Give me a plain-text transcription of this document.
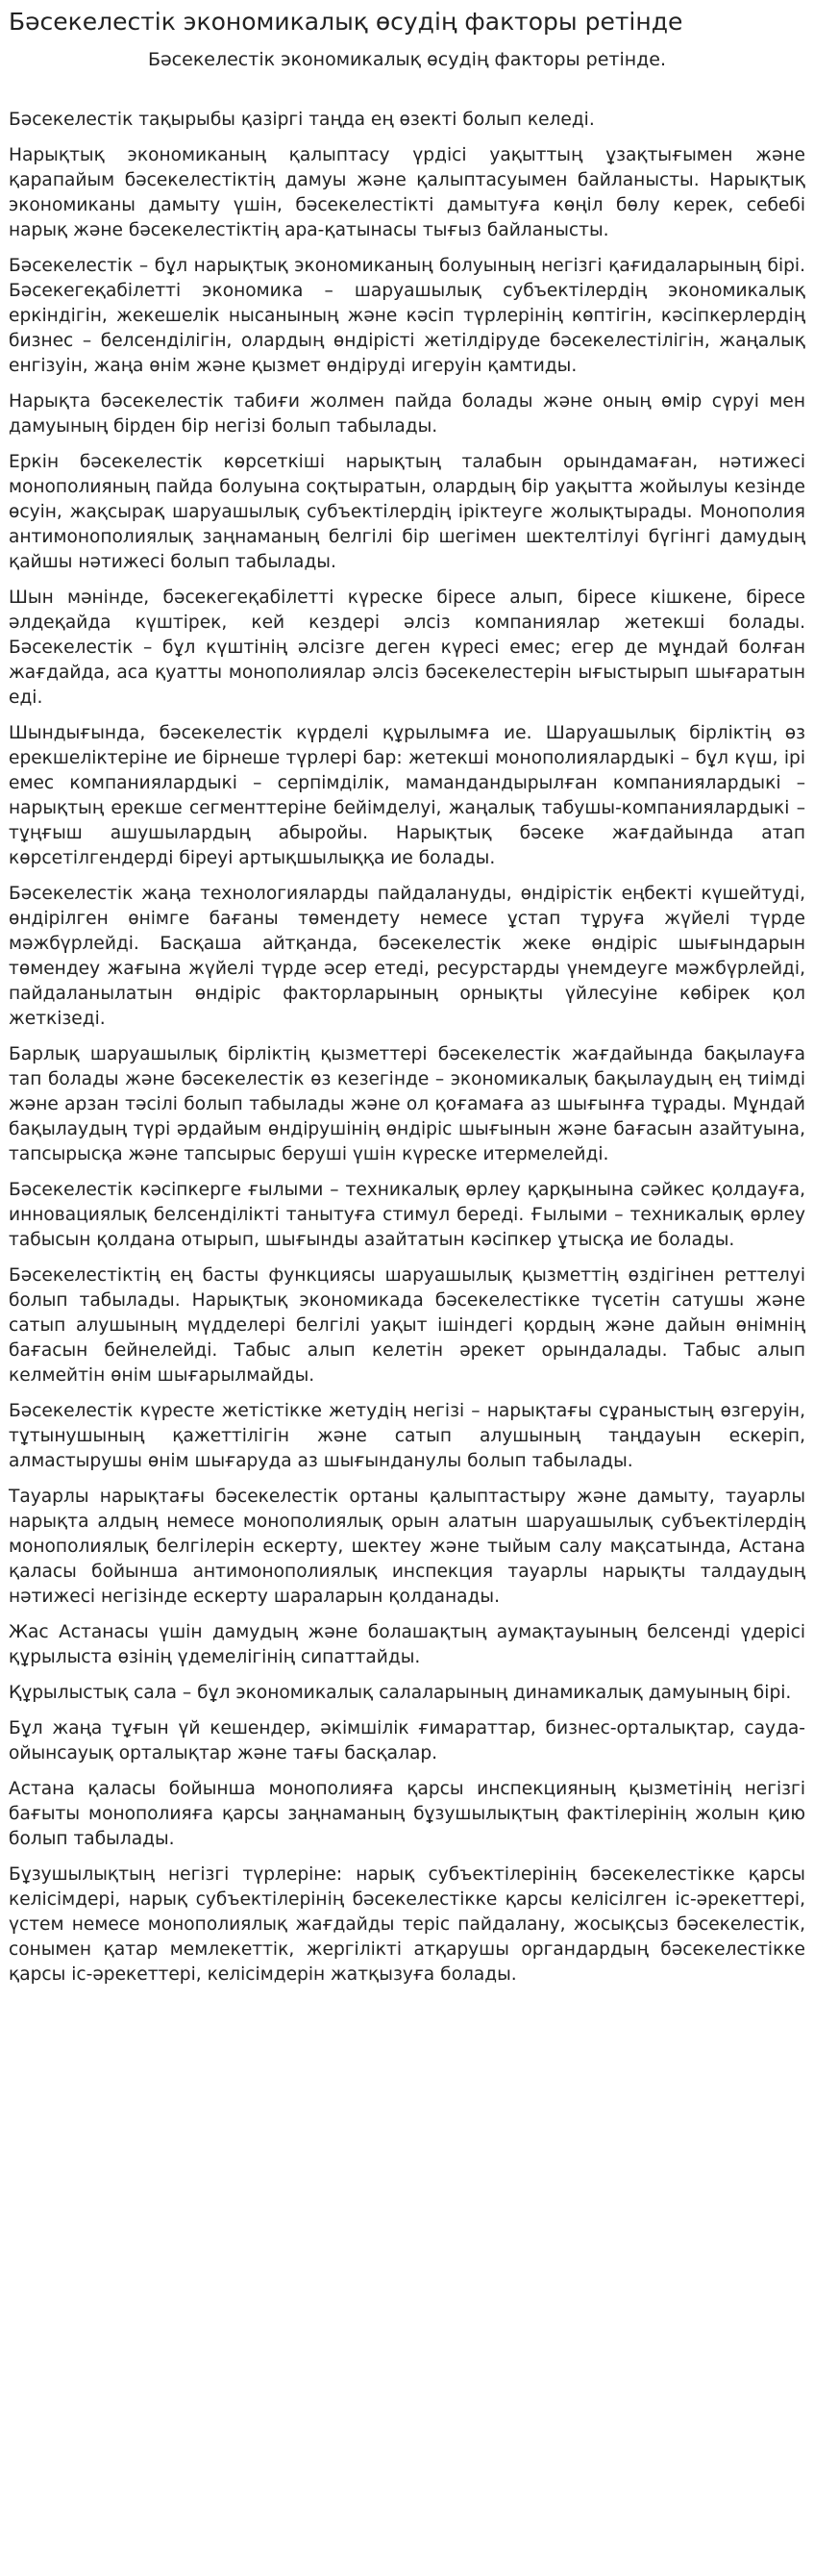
Бәсекелестік экономикалық өсудің факторы ретінде
Бәсекелестік экономикалық өсудің факторы ретінде.

Бәсекелестік тақырыбы қазіргі таңда ең өзекті болып келеді.

Нарықтық экономиканың қалыптасу үрдісі уақыттың ұзақтығымен және қарапайым бәсекелестіктің дамуы және қалыптасуымен байланысты. Нарықтық экономиканы дамыту үшін, бәсекелестікті дамытуға көңіл бөлу керек, себебі нарық және бәсекелестіктің ара-қатынасы тығыз байланысты.

Бәсекелестік – бұл нарықтық экономиканың болуының негізгі қағидаларының бірі. Бәсекегеқабілетті экономика – шаруашылық субъектілердің экономикалық еркіндігін, жекешелік нысанының және кәсіп түрлерінің көптігін, кәсіпкерлердің бизнес – белсенділігін, олардың өндірісті жетілдіруде бәсекелестілігін, жаңалық енгізуін, жаңа өнім және қызмет өндіруді игеруін қамтиды.

Нарықта бәсекелестік табиғи жолмен пайда болады және оның өмір сүруі мен дамуының бірден бір негізі болып табылады.

Еркін бәсекелестік көрсеткіші нарықтың талабын орындамаған, нәтижесі монополияның пайда болуына соқтыратын, олардың бір уақытта жойылуы кезінде өсуін, жақсырақ шаруашылық субъектілердің іріктеуге жолықтырады. Монополия антимонополиялық заңнаманың белгілі бір шегімен шектелтілуі бүгінгі дамудың қайшы нәтижесі болып табылады.

Шын мәнінде, бәсекегеқабілетті күреске біресе алып, біресе кішкене, біресе әлдеқайда күштірек, кей кездері әлсіз компаниялар жетекші болады. Бәсекелестік – бұл күштінің әлсізге деген күресі емес; егер де мұндай болған жағдайда, аса қуатты монополиялар әлсіз бәсекелестерін ығыстырып шығаратын еді.

Шындығында, бәсекелестік күрделі құрылымға ие. Шаруашылық бірліктің өз ерекшеліктеріне ие бірнеше түрлері бар: жетекші монополиялардыкі – бұл күш, ірі емес компаниялардыкі – серпімділік, мамандандырылған компаниялардыкі – нарықтың ерекше сегменттеріне бейімделуі, жаңалық табушы-компаниялардыкі – тұңғыш ашушылардың абыройы. Нарықтық бәсеке жағдайында атап көрсетілгендерді біреуі артықшылыққа ие болады.

Бәсекелестік жаңа технологияларды пайдалануды, өндірістік еңбекті күшейтуді, өндірілген өнімге бағаны төмендету немесе ұстап тұруға жүйелі түрде мәжбүрлейді. Басқаша айтқанда, бәсекелестік жеке өндіріс шығындарын төмендеу жағына жүйелі түрде әсер етеді, ресурстарды үнемдеуге мәжбүрлейді, пайдаланылатын өндіріс факторларының орнықты үйлесуіне көбірек қол жеткізеді.

Барлық шаруашылық бірліктің қызметтері бәсекелестік жағдайында бақылауға тап болады және бәсекелестік өз кезегінде – экономикалық бақылаудың ең тиімді және арзан тәсілі болып табылады және ол қоғамаға аз шығынға тұрады. Мұндай бақылаудың түрі әрдайым өндірушінің өндіріс шығынын және бағасын азайтуына, тапсырысқа және тапсырыс беруші үшін күреске итермелейді.

Бәсекелестік кәсіпкерге ғылыми – техникалық өрлеу қарқынына сәйкес қолдауға, инновациялық белсенділікті танытуға стимул береді. Ғылыми – техникалық өрлеу табысын қолдана отырып, шығынды азайтатын кәсіпкер ұтысқа ие болады.

Бәсекелестіктің ең басты функциясы шаруашылық қызметтің өздігінен реттелуі болып табылады. Нарықтық экономикада бәсекелестікке түсетін сатушы және сатып алушының мүдделері белгілі уақыт ішіндегі қордың және дайын өнімнің бағасын бейнелейді. Табыс алып келетін әрекет орындалады. Табыс алып келмейтін өнім шығарылмайды.

Бәсекелестік күресте жетістікке жетудің негізі – нарықтағы сұраныстың өзгеруін, тұтынушының қажеттілігін және сатып алушының таңдауын ескеріп, алмастырушы өнім шығаруда аз шығынданулы болып табылады.

Тауарлы нарықтағы бәсекелестік ортаны қалыптастыру және дамыту, тауарлы нарықта алдың немесе монополиялық орын алатын шаруашылық субъектілердің монополиялық белгілерін ескерту, шектеу және тыйым салу мақсатында, Астана қаласы бойынша антимонополиялық инспекция тауарлы нарықты талдаудың нәтижесі негізінде ескерту шараларын қолданады.

Жас Астанасы үшін дамудың және болашақтың аумақтауының белсенді үдерісі құрылыста өзінің үдемелігінің сипаттайды.

Құрылыстық сала – бұл экономикалық салаларының динамикалық дамуының бірі.

Бұл жаңа тұғын үй кешендер, әкімшілік ғимараттар, бизнес-орталықтар, сауда-ойынсауық орталықтар және тағы басқалар.

Астана қаласы бойынша монополияға қарсы инспекцияның қызметінің негізгі бағыты монополияға қарсы заңнаманың бұзушылықтың фактілерінің жолын қию болып табылады.

Бұзушылықтың негізгі түрлеріне: нарық субъектілерінің бәсекелестікке қарсы келісімдері, нарық субъектілерінің бәсекелестікке қарсы келісілген іс-әрекеттері, үстем немесе монополиялық жағдайды теріс пайдалану, жосықсыз бәсекелестік, сонымен қатар мемлекеттік, жергілікті атқарушы органдардың бәсекелестікке қарсы іс-әрекеттері, келісімдерін жатқызуға болады.
